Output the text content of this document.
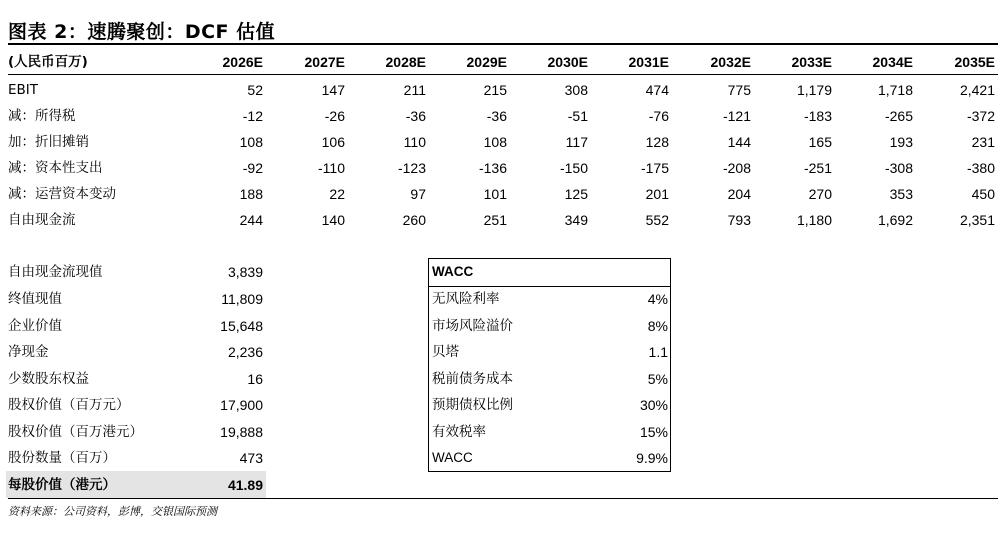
图表 2：速腾聚创：DCF 估值
(人民币百万)	2026E	2027E	2028E	2029E	2030E	2031E	2032E	2033E	2034E	2035E
EBIT	52	147	211	215	308	474	775	1,179	1,718	2,421
减：所得税	-12	-26	-36	-36	-51	-76	-121	-183	-265	-372
加：折旧摊销	108	106	110	108	117	128	144	165	193	231
减：资本性支出	-92	-110	-123	-136	-150	-175	-208	-251	-308	-380
减：运营资本变动	188	22	97	101	125	201	204	270	353	450
自由现金流	244	140	260	251	349	552	793	1,180	1,692	2,351
自由现金流现值	3,839
终值现值	11,809
企业价值	15,648
净现金	2,236
少数股东权益	16
股权价值（百万元）	17,900
股权价值（百万港元）	19,888
股份数量（百万）	473
每股价值（港元）	41.89
WACC
无风险利率	4%
市场风险溢价	8%
贝塔	1.1
税前债务成本	5%
预期债权比例	30%
有效税率	15%
WACC	9.9%
资料来源：公司资料，彭博，交银国际预测
